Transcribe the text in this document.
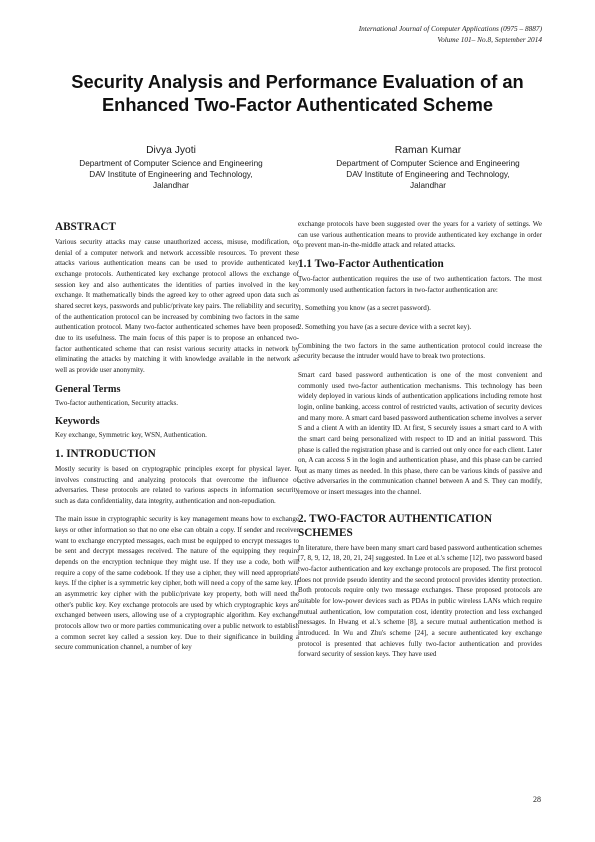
International Journal of Computer Applications (0975 – 8887)
Volume 101– No.8, September 2014
Security Analysis and Performance Evaluation of an
Enhanced Two-Factor Authenticated Scheme
Divya Jyoti
Department of Computer Science and Engineering
DAV Institute of Engineering and Technology,
Jalandhar
Raman Kumar
Department of Computer Science and Engineering
DAV Institute of Engineering and Technology,
Jalandhar
ABSTRACT

Various security attacks may cause unauthorized access, misuse, modification, or denial of a computer network and network accessible resources. To prevent these attacks various authentication means can be used to provide authenticated key exchange protocols. Authenticated key exchange protocol allows the exchange of session key and also authenticates the identities of parties involved in the key exchange. It mathematically binds the agreed key to other agreed upon data such as shared secret keys, passwords and public/private key pairs. The reliability and security of the authentication protocol can be increased by combining two factors in the same authentication protocol. Many two-factor authenticated schemes have been proposed due to its usefulness. The main focus of this paper is to propose an enhanced two-factor authenticated scheme that can resist various security attacks in network by eliminating the attacks by matching it with knowledge available in the network as well as provide user anonymity.

General Terms

Two-factor authentication, Security attacks.

Keywords

Key exchange, Symmetric key, WSN, Authentication.

1. INTRODUCTION

Mostly security is based on cryptographic principles except for physical layer. It involves constructing and analyzing protocols that overcome the influence of adversaries. These protocols are related to various aspects in information security such as data confidentiality, data integrity, authentication and non-repudiation.

The main issue in cryptographic security is key management means how to exchange keys or other information so that no one else can obtain a copy. If sender and receiver want to exchange encrypted messages, each must be equipped to encrypt messages to be sent and decrypt messages received. The nature of the equipping they require depends on the encryption technique they might use. If they use a code, both will require a copy of the same codebook. If they use a cipher, they will need appropriate keys. If the cipher is a symmetric key cipher, both will need a copy of the same key. If an asymmetric key cipher with the public/private key property, both will need the other's public key. Key exchange protocols are used by which cryptographic keys are exchanged between users, allowing use of a cryptographic algorithm. Key exchange protocols allow two or more parties communicating over a public network to establish a common secret key called a session key. Due to their significance in building a secure communication channel, a number of key

exchange protocols have been suggested over the years for a variety of settings. We can use various authentication means to provide authenticated key exchange in order to prevent man-in-the-middle attack and related attacks.

1.1 Two-Factor Authentication

Two-factor authentication requires the use of two authentication factors. The most commonly used authentication factors in two-factor authentication are:

1. Something you know (as a secret password).

2. Something you have (as a secure device with a secret key).

Combining the two factors in the same authentication protocol could increase the security because the intruder would have to break two protections.

Smart card based password authentication is one of the most convenient and commonly used two-factor authentication mechanisms. This technology has been widely deployed in various kinds of authentication applications including remote host login, online banking, access control of restricted vaults, activation of security devices and many more. A smart card based password authentication scheme involves a server S and a client A with an identity ID. At first, S securely issues a smart card to A with the smart card being personalized with respect to ID and an initial password. This phase is called the registration phase and is carried out only once for each client. Later on, A can access S in the login and authentication phase, and this phase can be carried out as many times as needed. In this phase, there can be various kinds of passive and active adversaries in the communication channel between A and S. They can modify, remove or insert messages into the channel.

2. TWO-FACTOR AUTHENTICATION SCHEMES

In literature, there have been many smart card based password authentication schemes [7, 8, 9, 12, 18, 20, 21, 24] suggested. In Lee et al.'s scheme [12], two password based two-factor authentication and key exchange protocols are proposed. The first protocol does not provide pseudo identity and the second protocol provides identity protection. Both protocols require only two message exchanges. These proposed protocols are suitable for low-power devices such as PDAs in public wireless LANs which require mutual authentication, low computation cost, identity protection and less exchanged messages. In Hwang et al.'s scheme [8], a secure mutual authentication method is introduced. In Wu and Zhu's scheme [24], a secure authenticated key exchange protocol is presented that achieves fully two-factor authentication and provides forward security of session keys. They have used

28
